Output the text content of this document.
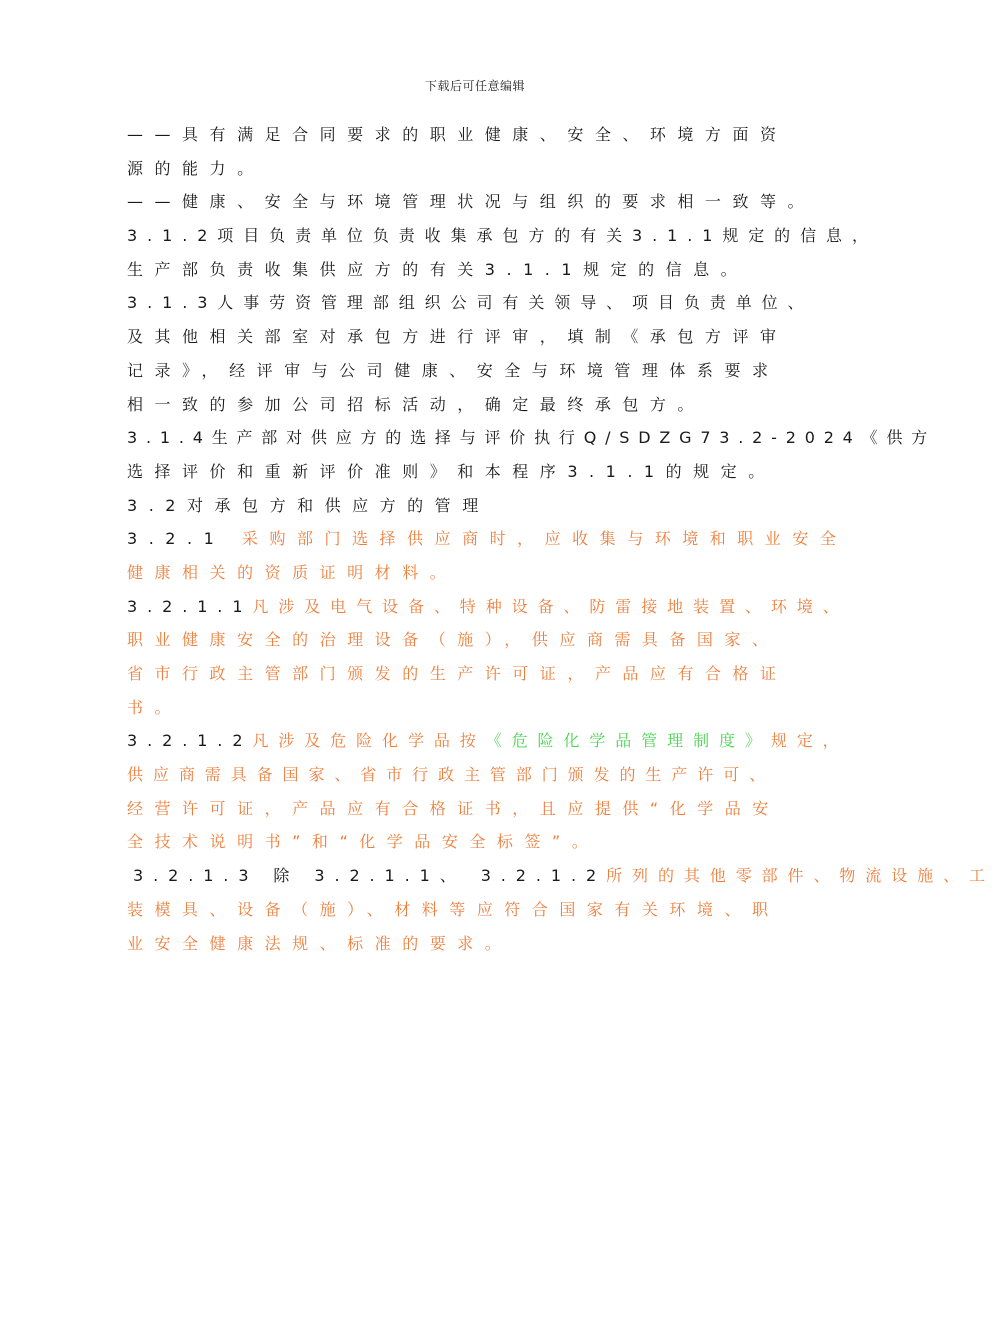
下载后可任意编辑
——具有满足合同要求的职业健康、安全、环境方面资
源的能力。
——健康、安全与环境管理状况与组织的要求相一致等。
3.1.2项目负责单位负责收集承包方的有关3.1.1规定的信息，
生产部负责收集供应方的有关3.1.1规定的信息。
3.1.3人事劳资管理部组织公司有关领导、项目负责单位、
及其他相关部室对承包方进行评审，填制《承包方评审
记录》，经评审与公司健康、安全与环境管理体系要求
相一致的参加公司招标活动，确定最终承包方。
3.1.4生产部对供应方的选择与评价执行Q/SDZG73.2-2024《供方
选择评价和重新评价准则》和本程序3.1.1的规定。
3.2对承包方和供应方的管理
3.2.1 采购部门选择供应商时，应收集与环境和职业安全
健康相关的资质证明材料。
3.2.1.1凡涉及电气设备、特种设备、防雷接地装置、环境、
职业健康安全的治理设备（施），供应商需具备国家、
省市行政主管部门颁发的生产许可证，产品应有合格证
书。
3.2.1.2凡涉及危险化学品按《危险化学品管理制度》规定，
供应商需具备国家、省市行政主管部门颁发的生产许可、
经营许可证，产品应有合格证书，且应提供“化学品安
全技术说明书”和“化学品安全标签”。
3.2.1.3 除 3.2.1.1、 3.2.1.2所列的其他零部件、物流设施、工
装模具、设备（施）、材料等应符合国家有关环境、职
业安全健康法规、标准的要求。
